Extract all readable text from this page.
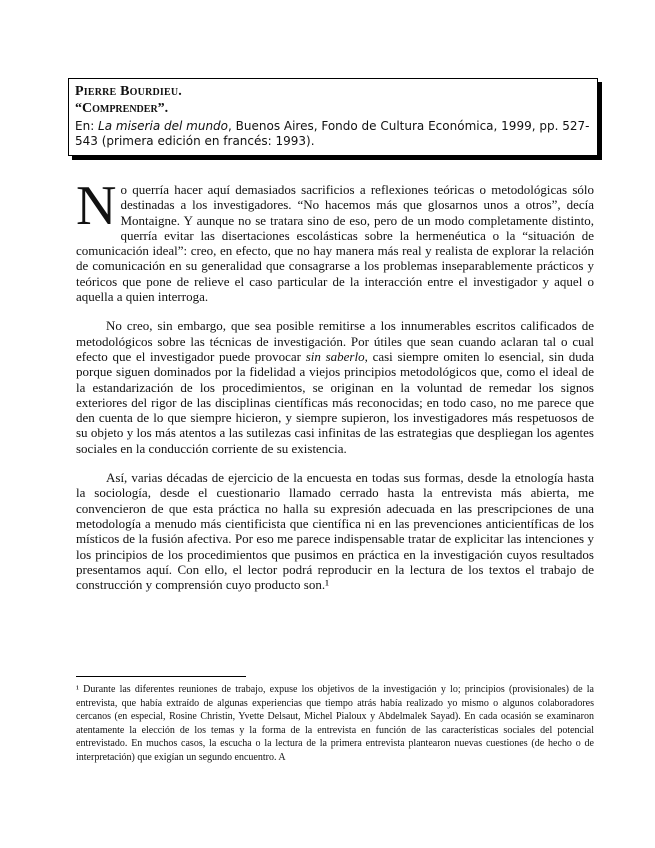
Pierre Bourdieu.
“Comprender”.
En: La miseria del mundo, Buenos Aires, Fondo de Cultura Económica, 1999, pp. 527-543 (primera edición en francés: 1993).

No querría hacer aquí demasiados sacrificios a reflexiones teóricas o metodológicas sólo destinadas a los investigadores. “No hacemos más que glosarnos unos a otros”, decía Montaigne. Y aunque no se tratara sino de eso, pero de un modo completamente distinto, querría evitar las disertaciones escolásticas sobre la hermenéutica o la “situación de comunicación ideal”: creo, en efecto, que no hay manera más real y realista de explorar la relación de comunicación en su generalidad que consagrarse a los problemas inseparablemente prácticos y teóricos que pone de relieve el caso particular de la interacción entre el investigador y aquel o aquella a quien interroga.

No creo, sin embargo, que sea posible remitirse a los innumerables escritos calificados de metodológicos sobre las técnicas de investigación. Por útiles que sean cuando aclaran tal o cual efecto que el investigador puede provocar sin saberlo, casi siempre omiten lo esencial, sin duda porque siguen dominados por la fidelidad a viejos principios metodológicos que, como el ideal de la estandarización de los procedimientos, se originan en la voluntad de remedar los signos exteriores del rigor de las disciplinas científicas más reconocidas; en todo caso, no me parece que den cuenta de lo que siempre hicieron, y siempre supieron, los investigadores más respetuosos de su objeto y los más atentos a las sutilezas casi infinitas de las estrategias que despliegan los agentes sociales en la conducción corriente de su existencia.

Así, varias décadas de ejercicio de la encuesta en todas sus formas, desde la etnología hasta la sociología, desde el cuestionario llamado cerrado hasta la entrevista más abierta, me convencieron de que esta práctica no halla su expresión adecuada en las prescripciones de una metodología a menudo más cientificista que científica ni en las prevenciones anticientíficas de los místicos de la fusión afectiva. Por eso me parece indispensable tratar de explicitar las intenciones y los principios de los procedimientos que pusimos en práctica en la investigación cuyos resultados presentamos aquí. Con ello, el lector podrá reproducir en la lectura de los textos el trabajo de construcción y comprensión cuyo producto son.¹

¹ Durante las diferentes reuniones de trabajo, expuse los objetivos de la investigación y lo; principios (provisionales) de la entrevista, que había extraído de algunas experiencias que tiempo atrás había realizado yo mismo o algunos colaboradores cercanos (en especial, Rosine Christin, Yvette Delsaut, Michel Pialoux y Abdelmalek Sayad). En cada ocasión se examinaron atentamente la elección de los temas y la forma de la entrevista en función de las características sociales del potencial entrevistado. En muchos casos, la escucha o la lectura de la primera entrevista plantearon nuevas cuestiones (de hecho o de interpretación) que exigían un segundo encuentro. A
